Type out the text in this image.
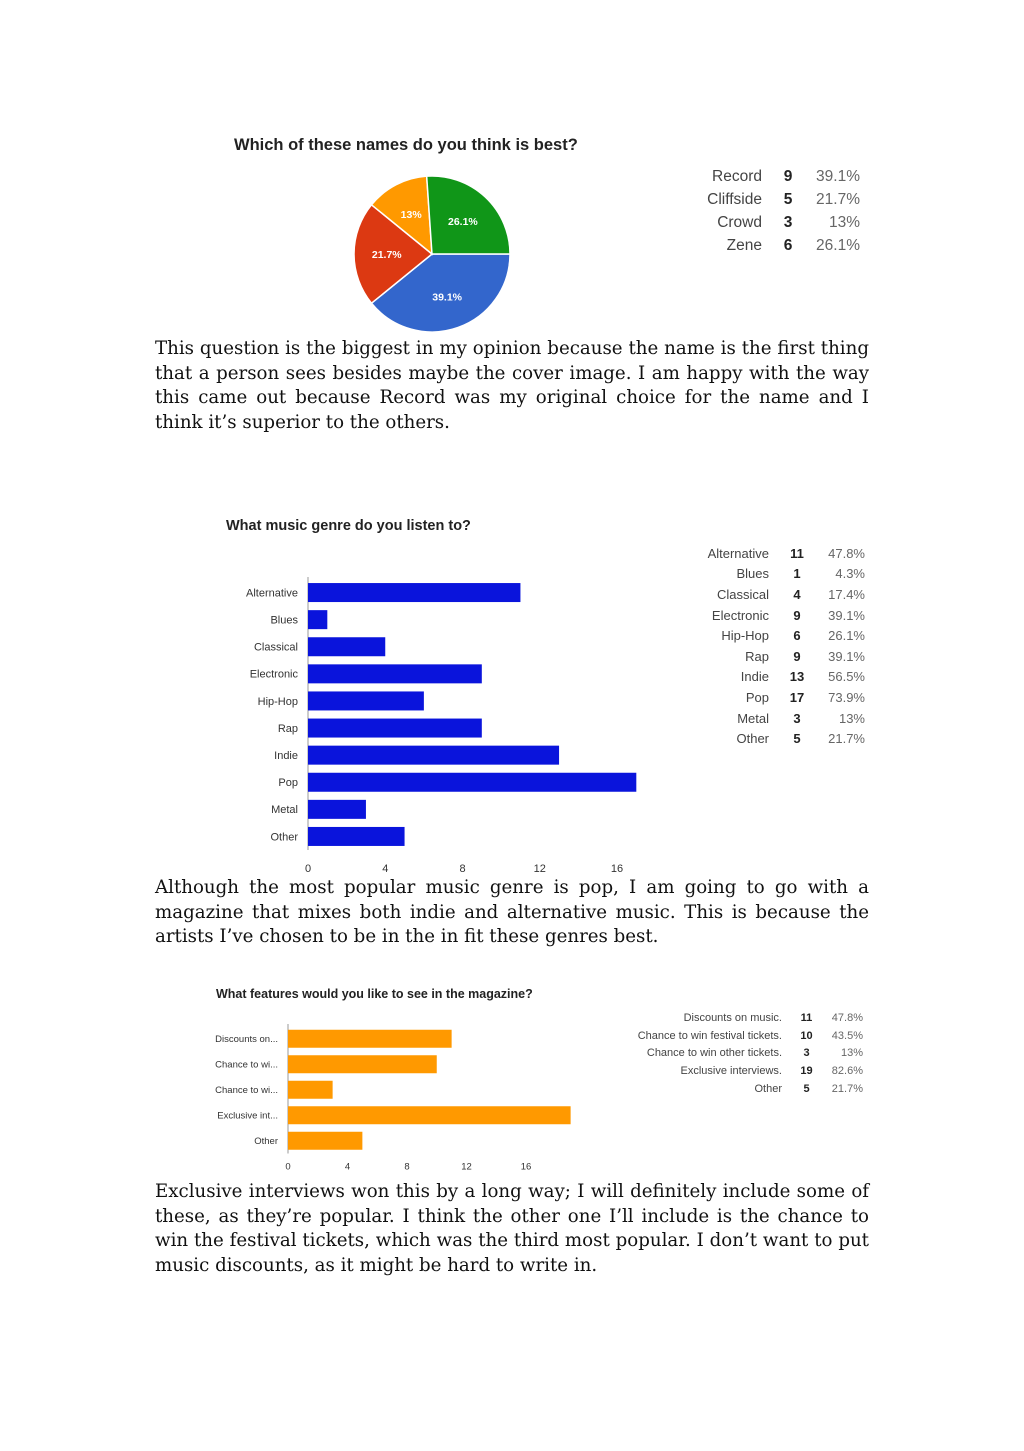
Which of these names do you think is best?
39.1%
21.7%
13%
26.1%
Record	9	39.1%
Cliffside	5	21.7%
Crowd	3	13%
Zene	6	26.1%

This question is the biggest in my opinion because the name is the first thing that a person sees besides maybe the cover image. I am happy with the way this came out because Record was my original choice for the name and I think it’s superior to the others.

What music genre do you listen to?
Alternative
Blues
Classical
Electronic
Hip-Hop
Rap
Indie
Pop
Metal
Other
0	4	8	12	16
Alternative	11	47.8%
Blues	1	4.3%
Classical	4	17.4%
Electronic	9	39.1%
Hip-Hop	6	26.1%
Rap	9	39.1%
Indie	13	56.5%
Pop	17	73.9%
Metal	3	13%
Other	5	21.7%

Although the most popular music genre is pop, I am going to go with a magazine that mixes both indie and alternative music. This is because the artists I’ve chosen to be in the in fit these genres best.

What features would you like to see in the magazine?
Discounts on...
Chance to wi...
Chance to wi...
Exclusive int...
Other
0	4	8	12	16
Discounts on music.	11	47.8%
Chance to win festival tickets.	10	43.5%
Chance to win other tickets.	3	13%
Exclusive interviews.	19	82.6%
Other	5	21.7%

Exclusive interviews won this by a long way; I will definitely include some of these, as they’re popular. I think the other one I’ll include is the chance to win the festival tickets, which was the third most popular. I don’t want to put music discounts, as it might be hard to write in.
